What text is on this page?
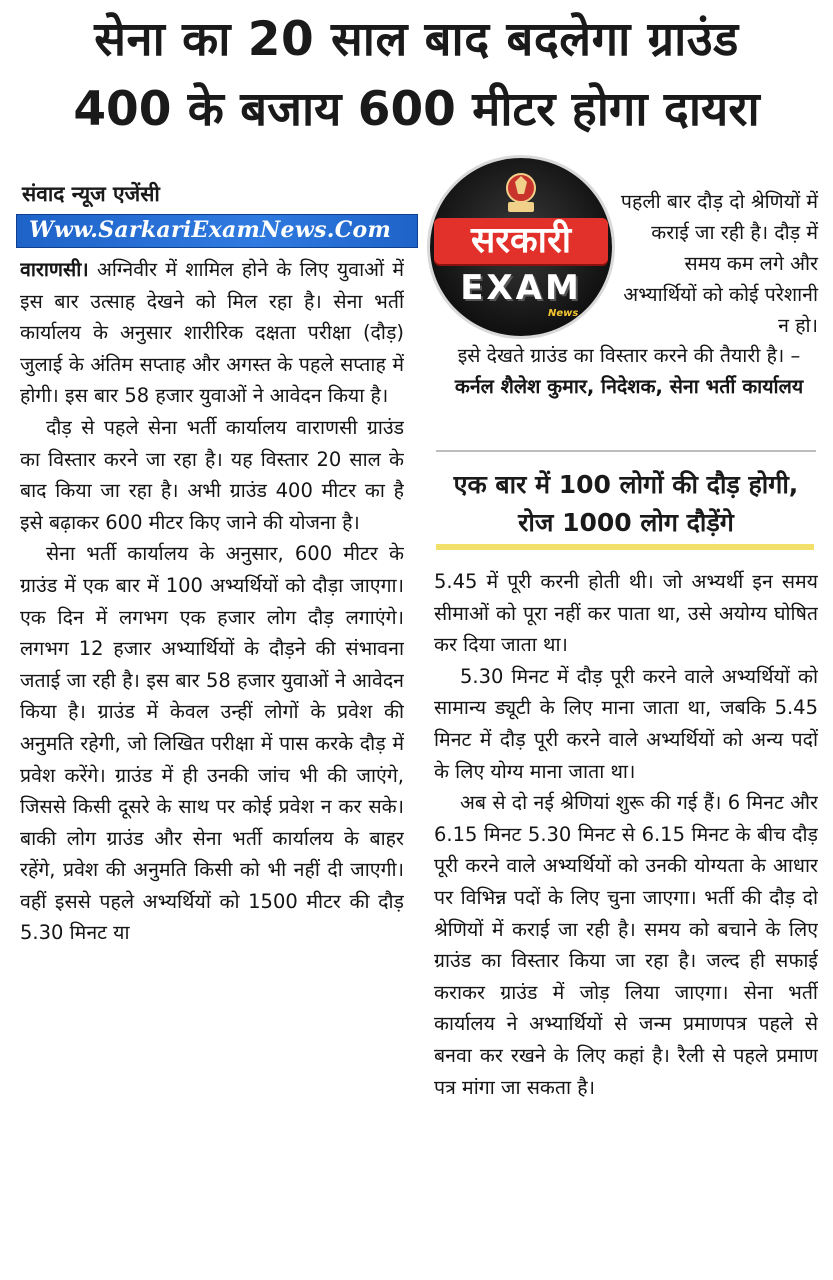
सेना का 20 साल बाद बदलेगा ग्राउंड
400 के बजाय 600 मीटर होगा दायरा
संवाद न्यूज एजेंसी
Www.SarkariExamNews.Com	सरकारी
EXAM
News
पहली बार दौड़ दो श्रेणियों में कराई जा रही है। दौड़ में समय कम लगे और अभ्यार्थियों को कोई परेशानी न हो।
इसे देखते ग्राउंड का विस्तार करने की तैयारी है। – कर्नल शैलेश कुमार, निदेशक, सेना भर्ती कार्यालय
एक बार में 100 लोगों की दौड़ होगी, रोज 1000 लोग दौड़ेंगे

वाराणसी। अग्निवीर में शामिल होने के लिए युवाओं में इस बार उत्साह देखने को मिल रहा है। सेना भर्ती कार्यालय के अनुसार शारीरिक दक्षता परीक्षा (दौड़) जुलाई के अंतिम सप्ताह और अगस्त के पहले सप्ताह में होगी। इस बार 58 हजार युवाओं ने आवेदन किया है।

दौड़ से पहले सेना भर्ती कार्यालय वाराणसी ग्राउंड का विस्तार करने जा रहा है। यह विस्तार 20 साल के बाद किया जा रहा है। अभी ग्राउंड 400 मीटर का है इसे बढ़ाकर 600 मीटर किए जाने की योजना है।

सेना भर्ती कार्यालय के अनुसार, 600 मीटर के ग्राउंड में एक बार में 100 अभ्यर्थियों को दौड़ा जाएगा। एक दिन में लगभग एक हजार लोग दौड़ लगाएंगे। लगभग 12 हजार अभ्यार्थियों के दौड़ने की संभावना जताई जा रही है। इस बार 58 हजार युवाओं ने आवेदन किया है। ग्राउंड में केवल उन्हीं लोगों के प्रवेश की अनुमति रहेगी, जो लिखित परीक्षा में पास करके दौड़ में प्रवेश करेंगे। ग्राउंड में ही उनकी जांच भी की जाएंगे, जिससे किसी दूसरे के साथ पर कोई प्रवेश न कर सके। बाकी लोग ग्राउंड और सेना भर्ती कार्यालय के बाहर रहेंगे, प्रवेश की अनुमति किसी को भी नहीं दी जाएगी। वहीं इससे पहले अभ्यर्थियों को 1500 मीटर की दौड़ 5.30 मिनट या

5.45 में पूरी करनी होती थी। जो अभ्यर्थी इन समय सीमाओं को पूरा नहीं कर पाता था, उसे अयोग्य घोषित कर दिया जाता था।

5.30 मिनट में दौड़ पूरी करने वाले अभ्यर्थियों को सामान्य ड्यूटी के लिए माना जाता था, जबकि 5.45 मिनट में दौड़ पूरी करने वाले अभ्यर्थियों को अन्य पदों के लिए योग्य माना जाता था।

अब से दो नई श्रेणियां शुरू की गई हैं। 6 मिनट और 6.15 मिनट 5.30 मिनट से 6.15 मिनट के बीच दौड़ पूरी करने वाले अभ्यर्थियों को उनकी योग्यता के आधार पर विभिन्न पदों के लिए चुना जाएगा। भर्ती की दौड़ दो श्रेणियों में कराई जा रही है। समय को बचाने के लिए ग्राउंड का विस्तार किया जा रहा है। जल्द ही सफाई कराकर ग्राउंड में जोड़ लिया जाएगा। सेना भर्ती कार्यालय ने अभ्यार्थियों से जन्म प्रमाणपत्र पहले से बनवा कर रखने के लिए कहां है। रैली से पहले प्रमाण पत्र मांगा जा सकता है।
